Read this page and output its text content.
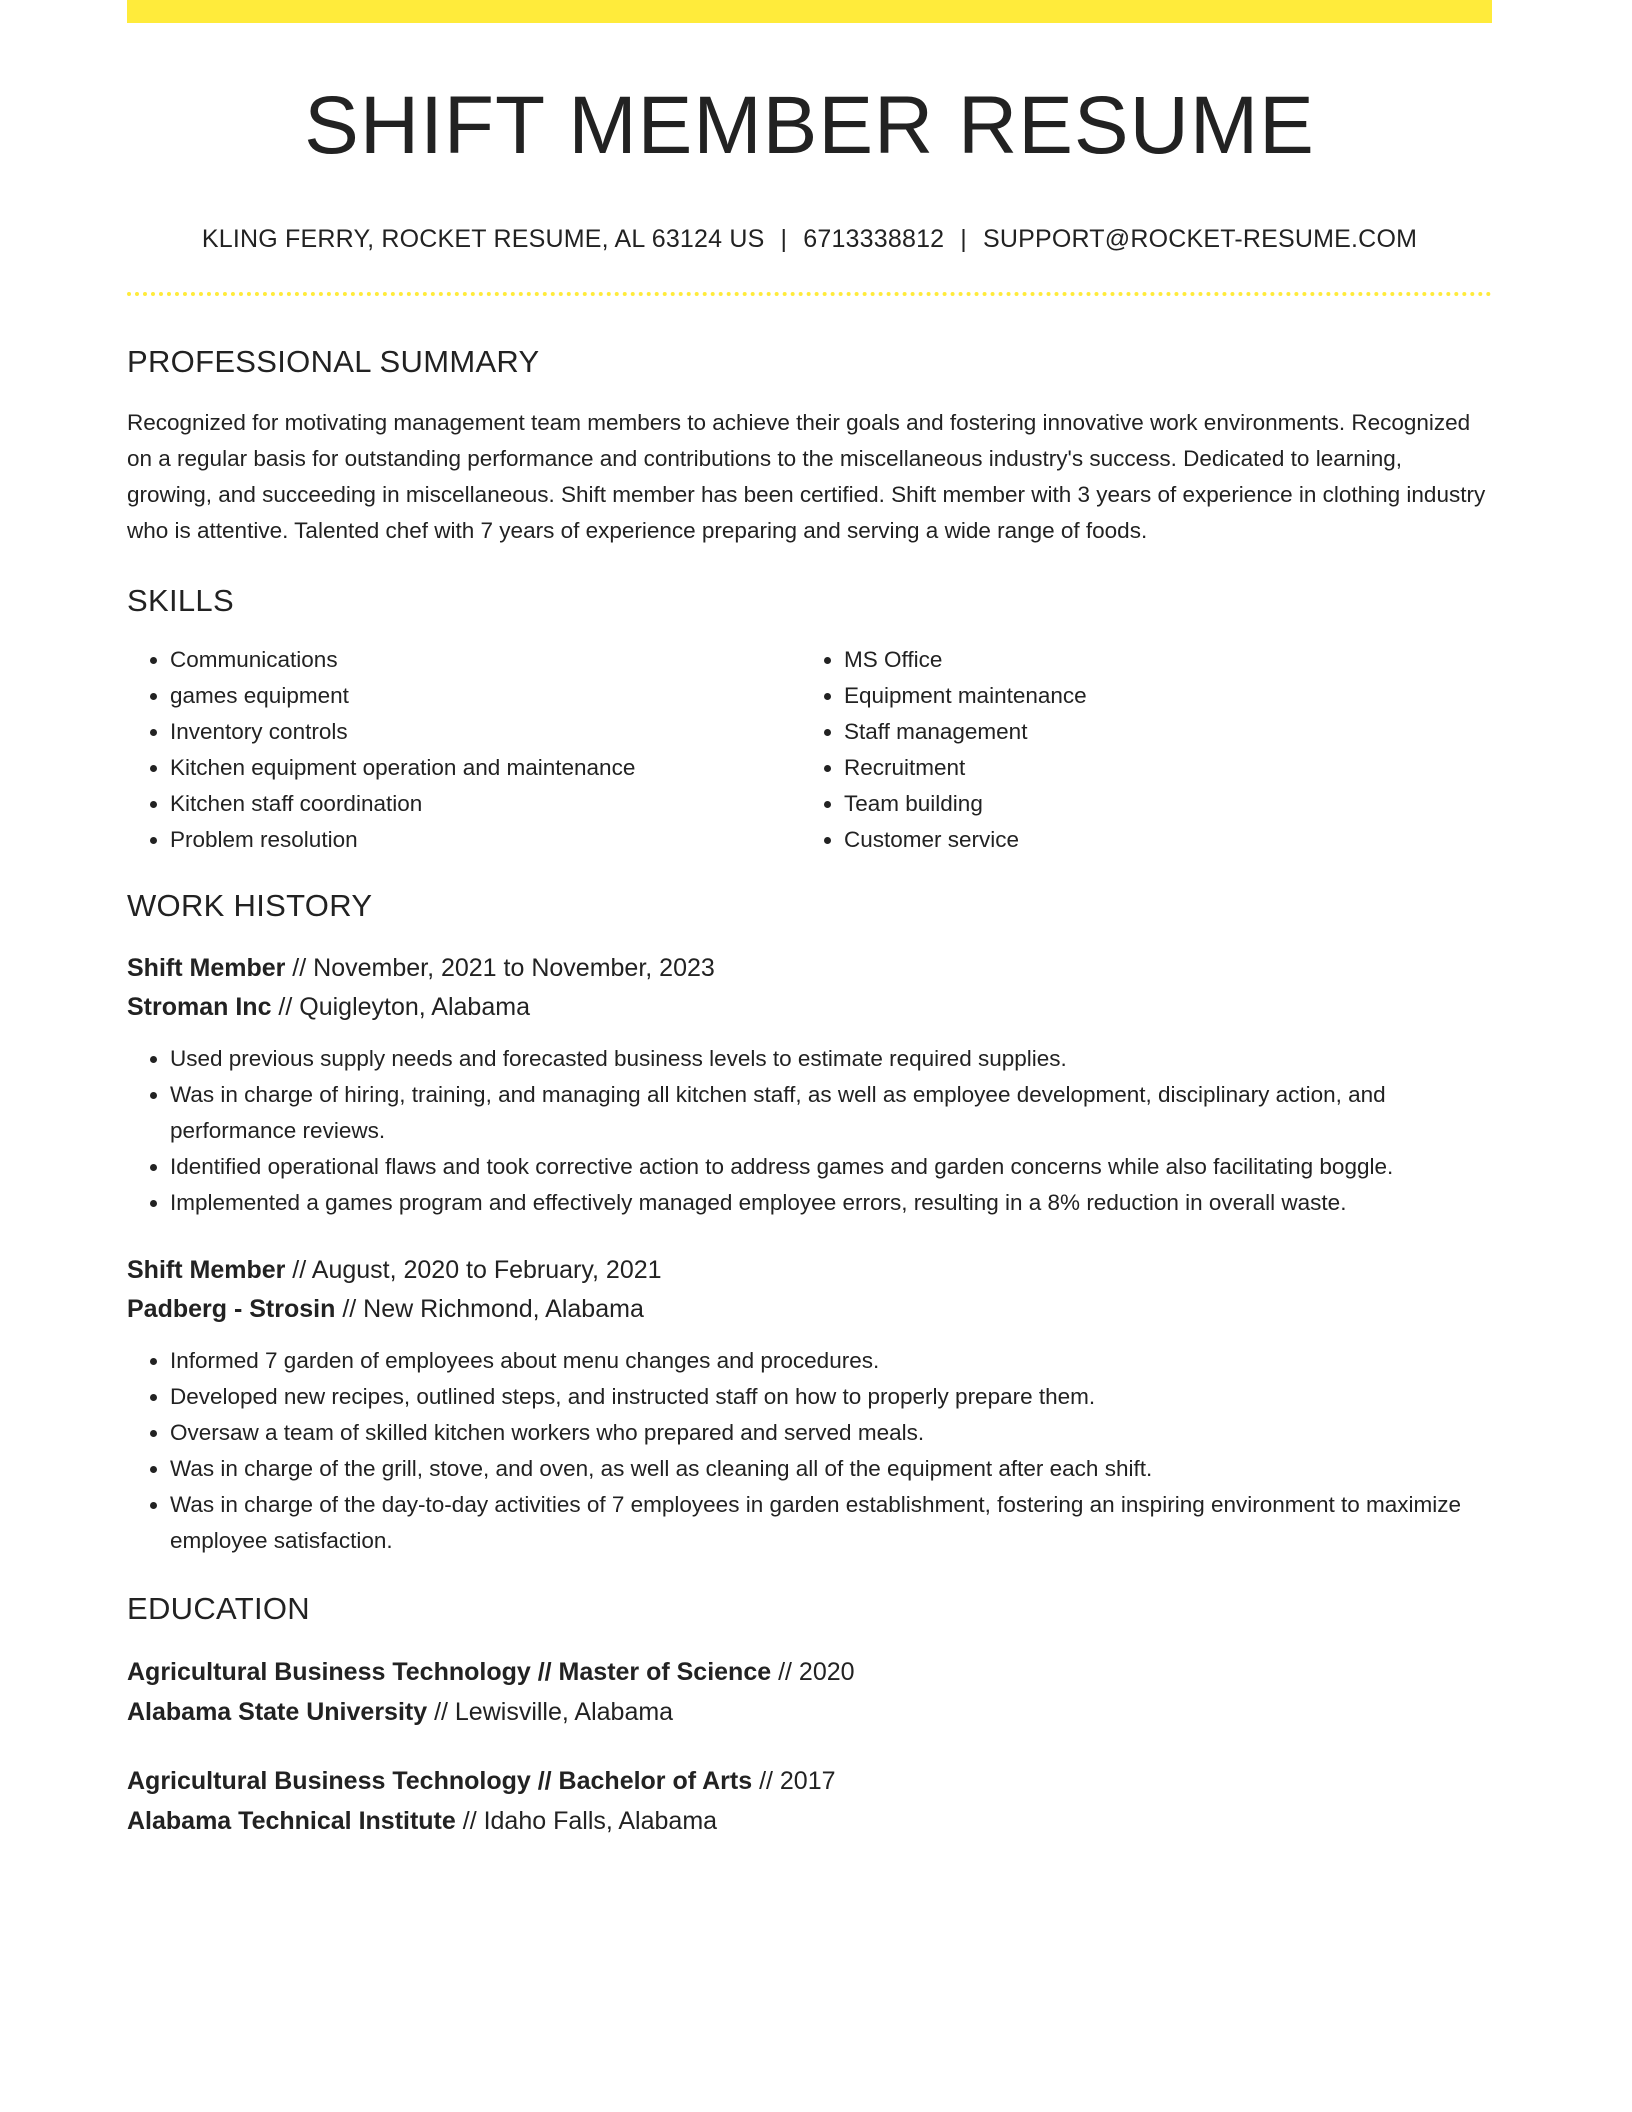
SHIFT MEMBER RESUME
KLING FERRY, ROCKET RESUME, AL 63124 US | 6713338812 | SUPPORT@ROCKET-RESUME.COM
PROFESSIONAL SUMMARY
Recognized for motivating management team members to achieve their goals and fostering innovative work environments. Recognized on a regular basis for outstanding performance and contributions to the miscellaneous industry's success. Dedicated to learning, growing, and succeeding in miscellaneous. Shift member has been certified. Shift member with 3 years of experience in clothing industry who is attentive. Talented chef with 7 years of experience preparing and serving a wide range of foods.
SKILLS
• Communications
• games equipment
• Inventory controls
• Kitchen equipment operation and maintenance
• Kitchen staff coordination
• Problem resolution
• MS Office
• Equipment maintenance
• Staff management
• Recruitment
• Team building
• Customer service
WORK HISTORY
Shift Member // November, 2021 to November, 2023
Stroman Inc // Quigleyton, Alabama
• Used previous supply needs and forecasted business levels to estimate required supplies.
• Was in charge of hiring, training, and managing all kitchen staff, as well as employee development, disciplinary action, and performance reviews.
• Identified operational flaws and took corrective action to address games and garden concerns while also facilitating boggle.
• Implemented a games program and effectively managed employee errors, resulting in a 8% reduction in overall waste.
Shift Member // August, 2020 to February, 2021
Padberg - Strosin // New Richmond, Alabama
• Informed 7 garden of employees about menu changes and procedures.
• Developed new recipes, outlined steps, and instructed staff on how to properly prepare them.
• Oversaw a team of skilled kitchen workers who prepared and served meals.
• Was in charge of the grill, stove, and oven, as well as cleaning all of the equipment after each shift.
• Was in charge of the day-to-day activities of 7 employees in garden establishment, fostering an inspiring environment to maximize employee satisfaction.
EDUCATION
Agricultural Business Technology // Master of Science // 2020
Alabama State University // Lewisville, Alabama
Agricultural Business Technology // Bachelor of Arts // 2017
Alabama Technical Institute // Idaho Falls, Alabama
